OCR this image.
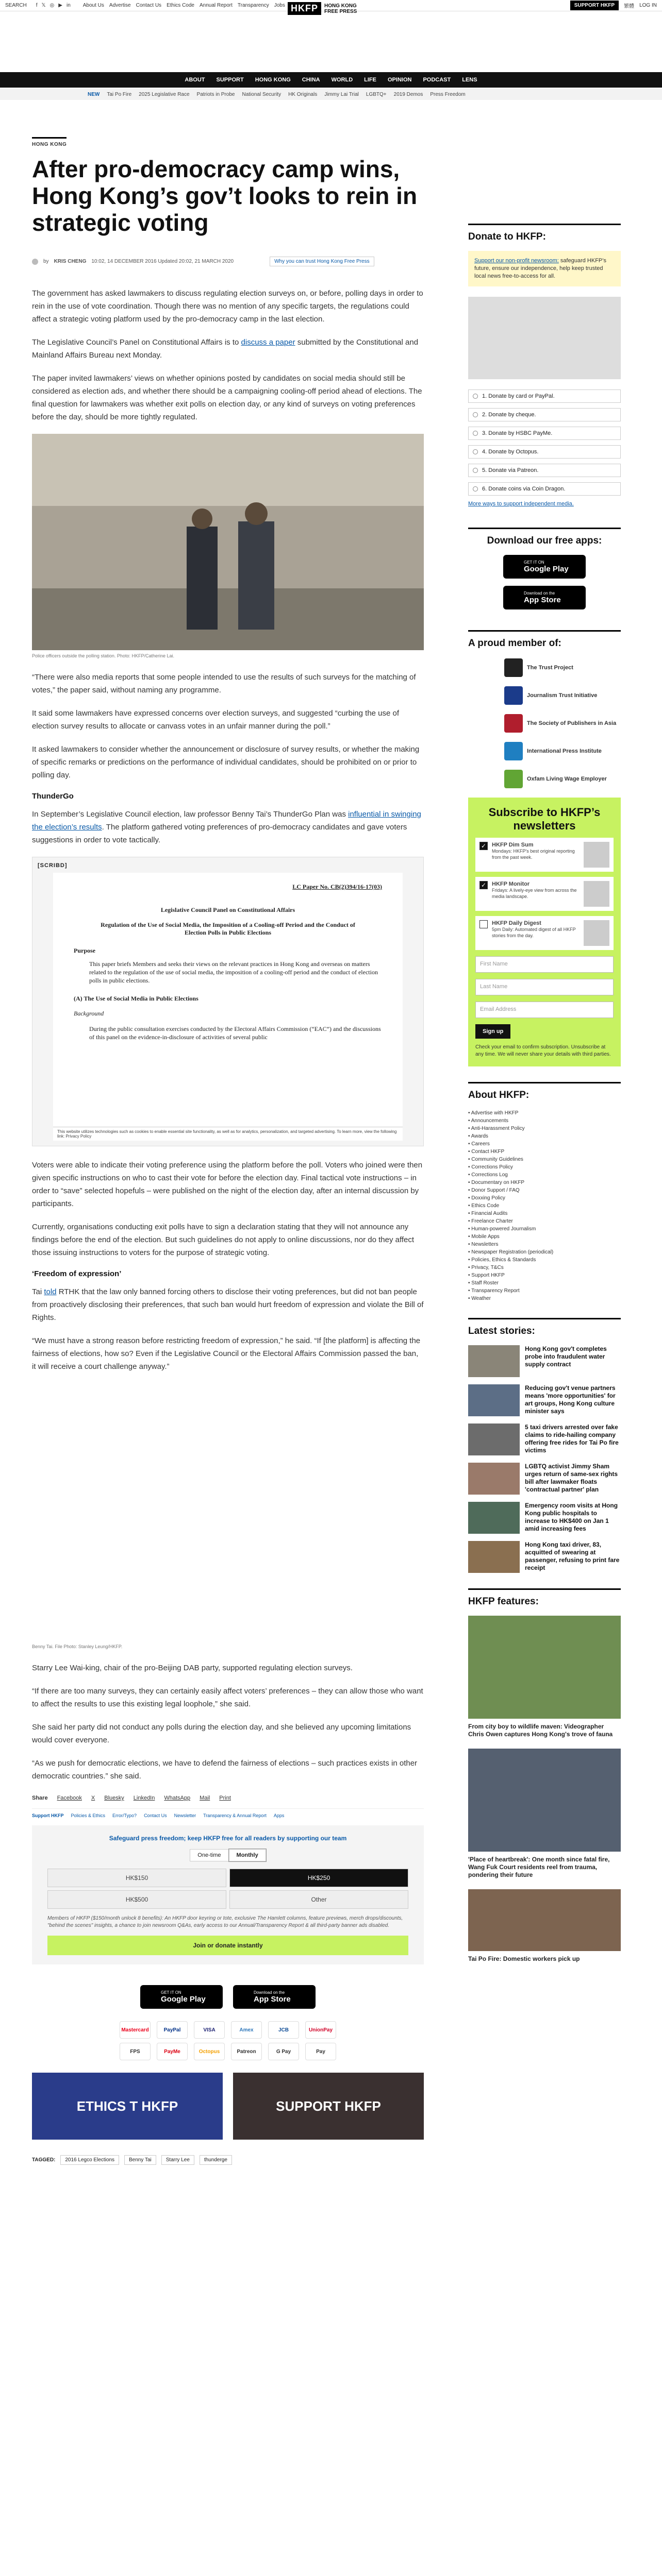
SEARCH f 𝕏 ◎ ▶ in About Us Advertise Contact Us Ethics Code Annual Report Transparency Jobs	SUPPORT HKFP	繁體 LOG IN
HKFP	HONG KONG
FREE PRESS
ABOUT SUPPORT HONG KONG CHINA WORLD LIFE OPINION PODCAST LENS
NEW Tai Po Fire 2025 Legislative Race Patriots in Probe National Security HK Originals Jimmy Lai Trial LGBTQ+ 2019 Demos Press Freedom
HONG KONG
After pro-democracy camp wins, Hong Kong’s gov’t looks to rein in strategic voting
by KRIS CHENG 10:02, 14 DECEMBER 2016 Updated 20:02, 21 MARCH 2020	Why you can trust Hong Kong Free Press

The government has asked lawmakers to discuss regulating election surveys on, or before, polling days in order to rein in the use of vote coordination. Though there was no mention of any specific targets, the regulations could affect a strategic voting platform used by the pro-democracy camp in the last election.

The Legislative Council’s Panel on Constitutional Affairs is to discuss a paper submitted by the Constitutional and Mainland Affairs Bureau next Monday.

The paper invited lawmakers’ views on whether opinions posted by candidates on social media should still be considered as election ads, and whether there should be a campaigning cooling-off period ahead of elections. The final question for lawmakers was whether exit polls on election day, or any kind of surveys on voting preferences before the day, should be more tightly regulated.

Police officers outside the polling station. Photo: HKFP/Catherine Lai.

“There were also media reports that some people intended to use the results of such surveys for the matching of votes,” the paper said, without naming any programme.

It said some lawmakers have expressed concerns over election surveys, and suggested “curbing the use of election survey results to allocate or canvass votes in an unfair manner during the poll.”

It asked lawmakers to consider whether the announcement or disclosure of survey results, or whether the making of specific remarks or predictions on the performance of individual candidates, should be prohibited on or prior to polling day.

ThunderGo

In September’s Legislative Council election, law professor Benny Tai’s ThunderGo Plan was influential in swinging the election’s results. The platform gathered voting preferences of pro-democracy candidates and gave voters suggestions in order to vote tactically.

[SCRIBD]
LC Paper No. CB(2)394/16-17(03)
Legislative Council Panel on Constitutional Affairs
Regulation of the Use of Social Media, the Imposition of a Cooling-off Period and the Conduct of Election Polls in Public Elections
Purpose
This paper briefs Members and seeks their views on the relevant practices in Hong Kong and overseas on matters related to the regulation of the use of social media, the imposition of a cooling-off period and the conduct of election polls in public elections.
(A) The Use of Social Media in Public Elections
Background
During the public consultation exercises conducted by the Electoral Affairs Commission (“EAC”) and the discussions of this panel on the evidence-in-disclosure of activities of several public
This website utilizes technologies such as cookies to enable essential site functionality, as well as for analytics, personalization, and targeted advertising. To learn more, view the following link: Privacy Policy

Voters were able to indicate their voting preference using the platform before the poll. Voters who joined were then given specific instructions on who to cast their vote for before the election day. Final tactical vote instructions – in order to “save” selected hopefuls – were published on the night of the election day, after an internal discussion by participants.

Currently, organisations conducting exit polls have to sign a declaration stating that they will not announce any findings before the end of the election. But such guidelines do not apply to online discussions, nor do they affect those issuing instructions to voters for the purpose of strategic voting.

‘Freedom of expression’

Tai told RTHK that the law only banned forcing others to disclose their voting preferences, but did not ban people from proactively disclosing their preferences, that such ban would hurt freedom of expression and violate the Bill of Rights.

“We must have a strong reason before restricting freedom of expression,” he said. “If [the platform] is affecting the fairness of elections, how so? Even if the Legislative Council or the Electoral Affairs Commission passed the ban, it will receive a court challenge anyway.”

Benny Tai. File Photo: Stanley Leung/HKFP.

Starry Lee Wai-king, chair of the pro-Beijing DAB party, supported regulating election surveys.

“If there are too many surveys, they can certainly easily affect voters’ preferences – they can allow those who want to affect the results to use this existing legal loophole,” she said.

She said her party did not conduct any polls during the election day, and she believed any upcoming limitations would cover everyone.

“As we push for democratic elections, we have to defend the fairness of elections – such practices exists in other democratic countries.” she said.

Share Facebook X Bluesky LinkedIn WhatsApp Mail Print
Support HKFP Policies & Ethics Error/Typo? Contact Us Newsletter Transparency & Annual Report Apps
Safeguard press freedom; keep HKFP free for all readers by supporting our team
One-time	Monthly
HK$150	HK$250
HK$500	Other
Members of HKFP ($150/month unlock 8 benefits): An HKFP door keyring or tote, exclusive The Hamlett columns, feature previews, merch drops/discounts, "behind the scenes" insights, a chance to join newsroom Q&As, early access to our Annual/Transparency Report & all third-party banner ads disabled.
Join or donate instantly
GET IT ON
Google Play
Download on the
App Store
Mastercard	PayPal	VISA	Amex	JCB	UnionPay
FPS	PayMe	Octopus	Patreon	G Pay	Pay
ETHICS T HKFP	SUPPORT HKFP
TAGGED:	2016 Legco Elections	Benny Tai	Starry Lee	thunderge
Donate to HKFP:
Support our non-profit newsroom: safeguard HKFP’s future, ensure our independence, help keep trusted local news free-to-access for all.
1. Donate by card or PayPal.
2. Donate by cheque.
3. Donate by HSBC PayMe.
4. Donate by Octopus.
5. Donate via Patreon.
6. Donate coins via Coin Dragon.
More ways to support independent media.
Download our free apps:
GET IT ON
Google Play
Download on the
App Store
A proud member of:
The Trust Project
Journalism Trust Initiative
The Society of Publishers in Asia
International Press Institute
Oxfam Living Wage Employer
Subscribe to HKFP’s newsletters
✓ HKFP Dim Sum
Mondays: HKFP's best original reporting from the past week.
✓ HKFP Monitor
Fridays: A lively-eye view from across the media landscape.
HKFP Daily Digest
5pm Daily: Automated digest of all HKFP stories from the day.
First Name
Last Name
Email Address
Sign up
Check your email to confirm subscription. Unsubscribe at any time. We will never share your details with third parties.
About HKFP:
• Advertise with HKFP
• Announcements
• Anti-Harassment Policy
• Awards
• Careers
• Contact HKFP
• Community Guidelines
• Corrections Policy
• Corrections Log
• Documentary on HKFP
• Donor Support / FAQ
• Doxxing Policy
• Ethics Code
• Financial Audits
• Freelance Charter
• Human-powered Journalism
• Mobile Apps
• Newsletters
• Newspaper Registration (periodical)
• Policies, Ethics & Standards
• Privacy, T&Cs
• Support HKFP
• Staff Roster
• Transparency Report
• Weather
Latest stories:
Hong Kong gov't completes probe into fraudulent water supply contract
Reducing gov't venue partners means 'more opportunities' for art groups, Hong Kong culture minister says
5 taxi drivers arrested over fake claims to ride-hailing company offering free rides for Tai Po fire victims
LGBTQ activist Jimmy Sham urges return of same-sex rights bill after lawmaker floats 'contractual partner' plan
Emergency room visits at Hong Kong public hospitals to increase to HK$400 on Jan 1 amid increasing fees
Hong Kong taxi driver, 83, acquitted of swearing at passenger, refusing to print fare receipt
HKFP features:
From city boy to wildlife maven: Videographer Chris Owen captures Hong Kong's trove of fauna
'Place of heartbreak': One month since fatal fire, Wang Fuk Court residents reel from trauma, pondering their future
Tai Po Fire: Domestic workers pick up
